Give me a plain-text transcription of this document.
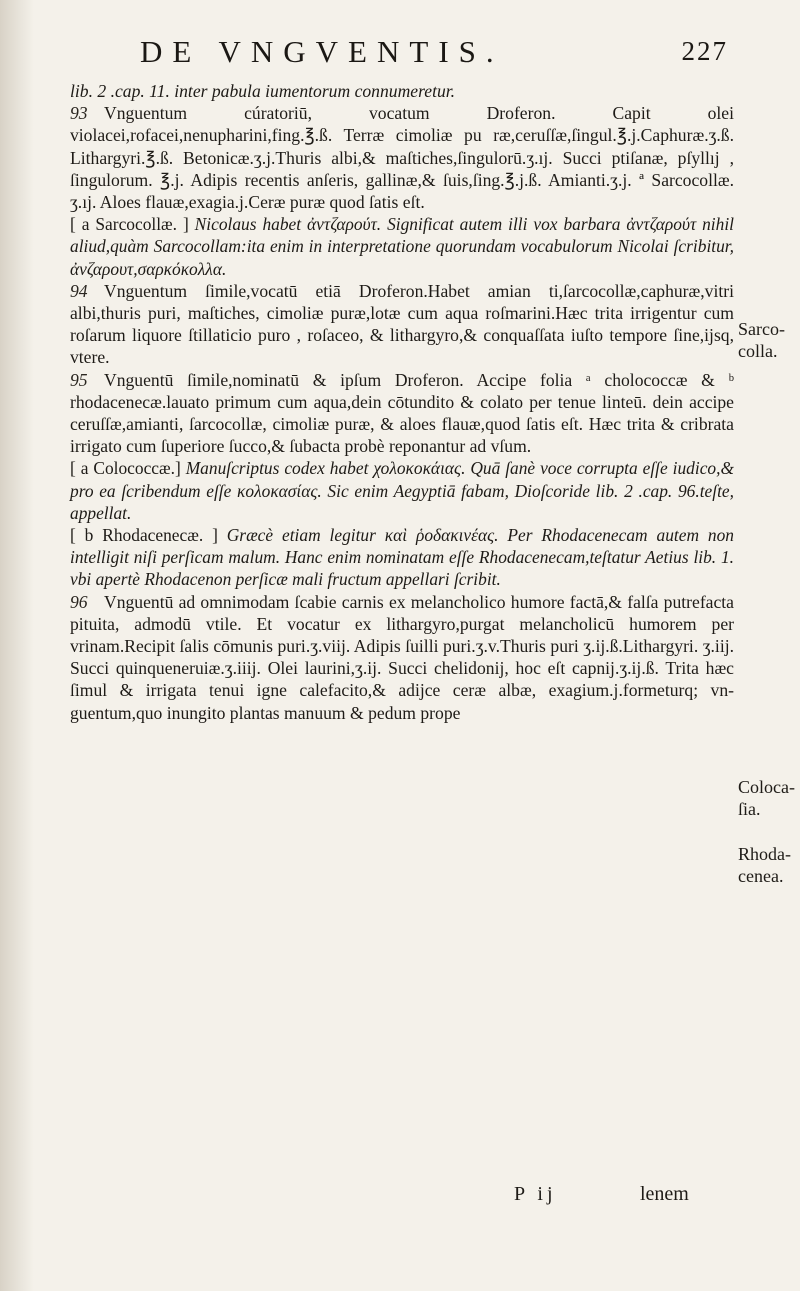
DE VNGVENTIS.	227

lib. 2 .cap. 11. inter pabula iumentorum connumeretur.

93 Vnguentum cúratoriū, vocatum Droferon. Capit olei violacei,rofacei,nenupharini,fing.℥.ß. Terræ cimoliæ pu ræ,ceruſſæ,ſingul.℥.j.Caphuræ.ʒ.ß. Lithargyri.℥.ß. Betonicæ.ʒ.j.Thuris albi,& maſtiches,ſingulorū.ʒ.ıj. Succi ptiſanæ, pſyllıj , ſingulorum. ℥.j. Adipis recentis anſeris, gallinæ,& ſuis,ſing.℥.j.ß. Amianti.ʒ.j. ª Sarcocollæ. ʒ.ıj. Aloes flauæ,exagia.j.Ceræ puræ quod ſatis eſt.

[ a Sarcocollæ. ] Nicolaus habet ἀντζαρούτ. Significat autem illi vox barbara ἀντζαρούτ nihil aliud,quàm Sarcocollam:ita enim in interpretatione quorundam vocabulorum Nicolai ſcribitur, ἀνζαρουτ,σαρκόκολλα.

94 Vnguentum ſimile,vocatū etiā Droferon.Habet amian ti,ſarcocollæ,caphuræ,vitri albi,thuris puri, maſtiches, cimoliæ puræ,lotæ cum aqua roſmarini.Hæc trita irrigentur cum roſarum liquore ſtillaticio puro , roſaceo, & lithargyro,& conquaſſata iuſto tempore ſine,ijsq, vtere.

95 Vnguentū ſimile,nominatū & ipſum Droferon. Accipe folia ᵃ cholococcæ & ᵇ rhodacenecæ.lauato primum cum aqua,dein cōtundito & colato per tenue linteū. dein accipe ceruſſæ,amianti, ſarcocollæ, cimoliæ puræ, & aloes flauæ,quod ſatis eſt. Hæc trita & cribrata irrigato cum ſuperiore ſucco,& ſubacta probè reponantur ad vſum.

[ a Colococcæ.] Manuſcriptus codex habet χολοκοκάιας. Quā ſanè voce corrupta eſſe iudico,& pro ea ſcribendum eſſe κολοκασίας. Sic enim Aegyptiā fabam, Dioſcoride lib. 2 .cap. 96.teſte, appellat.

[ b Rhodacenecæ. ] Græcè etiam legitur καὶ ῥοδακινέας. Per Rhodacenecam autem non intelligit niſi perſicam malum. Hanc enim nominatam eſſe Rhodacenecam,teſtatur Aetius lib. 1. vbi apertè Rhodacenon perſicæ mali fructum appellari ſcribit.

96 Vnguentū ad omnimodam ſcabie carnis ex melancholico humore factā,& falſa putrefacta pituita, admodū vtile. Et vocatur ex lithargyro,purgat melancholicū humorem per vrinam.Recipit ſalis cōmunis puri.ʒ.viij. Adipis ſuilli puri.ʒ.v.Thuris puri ʒ.ij.ß.Lithargyri. ʒ.iij. Succi quinqueneruiæ.ʒ.iiij. Olei laurini,ʒ.ij. Succi chelidonij, hoc eſt capnij.ʒ.ij.ß. Trita hæc ſimul & irrigata tenui igne calefacito,& adijce ceræ albæ, exagium.j.formeturq; vnguentum,quo inungito plantas manuum & pedum prope

Sarcocolla.
Colocaſia.
Rhodacenea.
P ij	lenem
